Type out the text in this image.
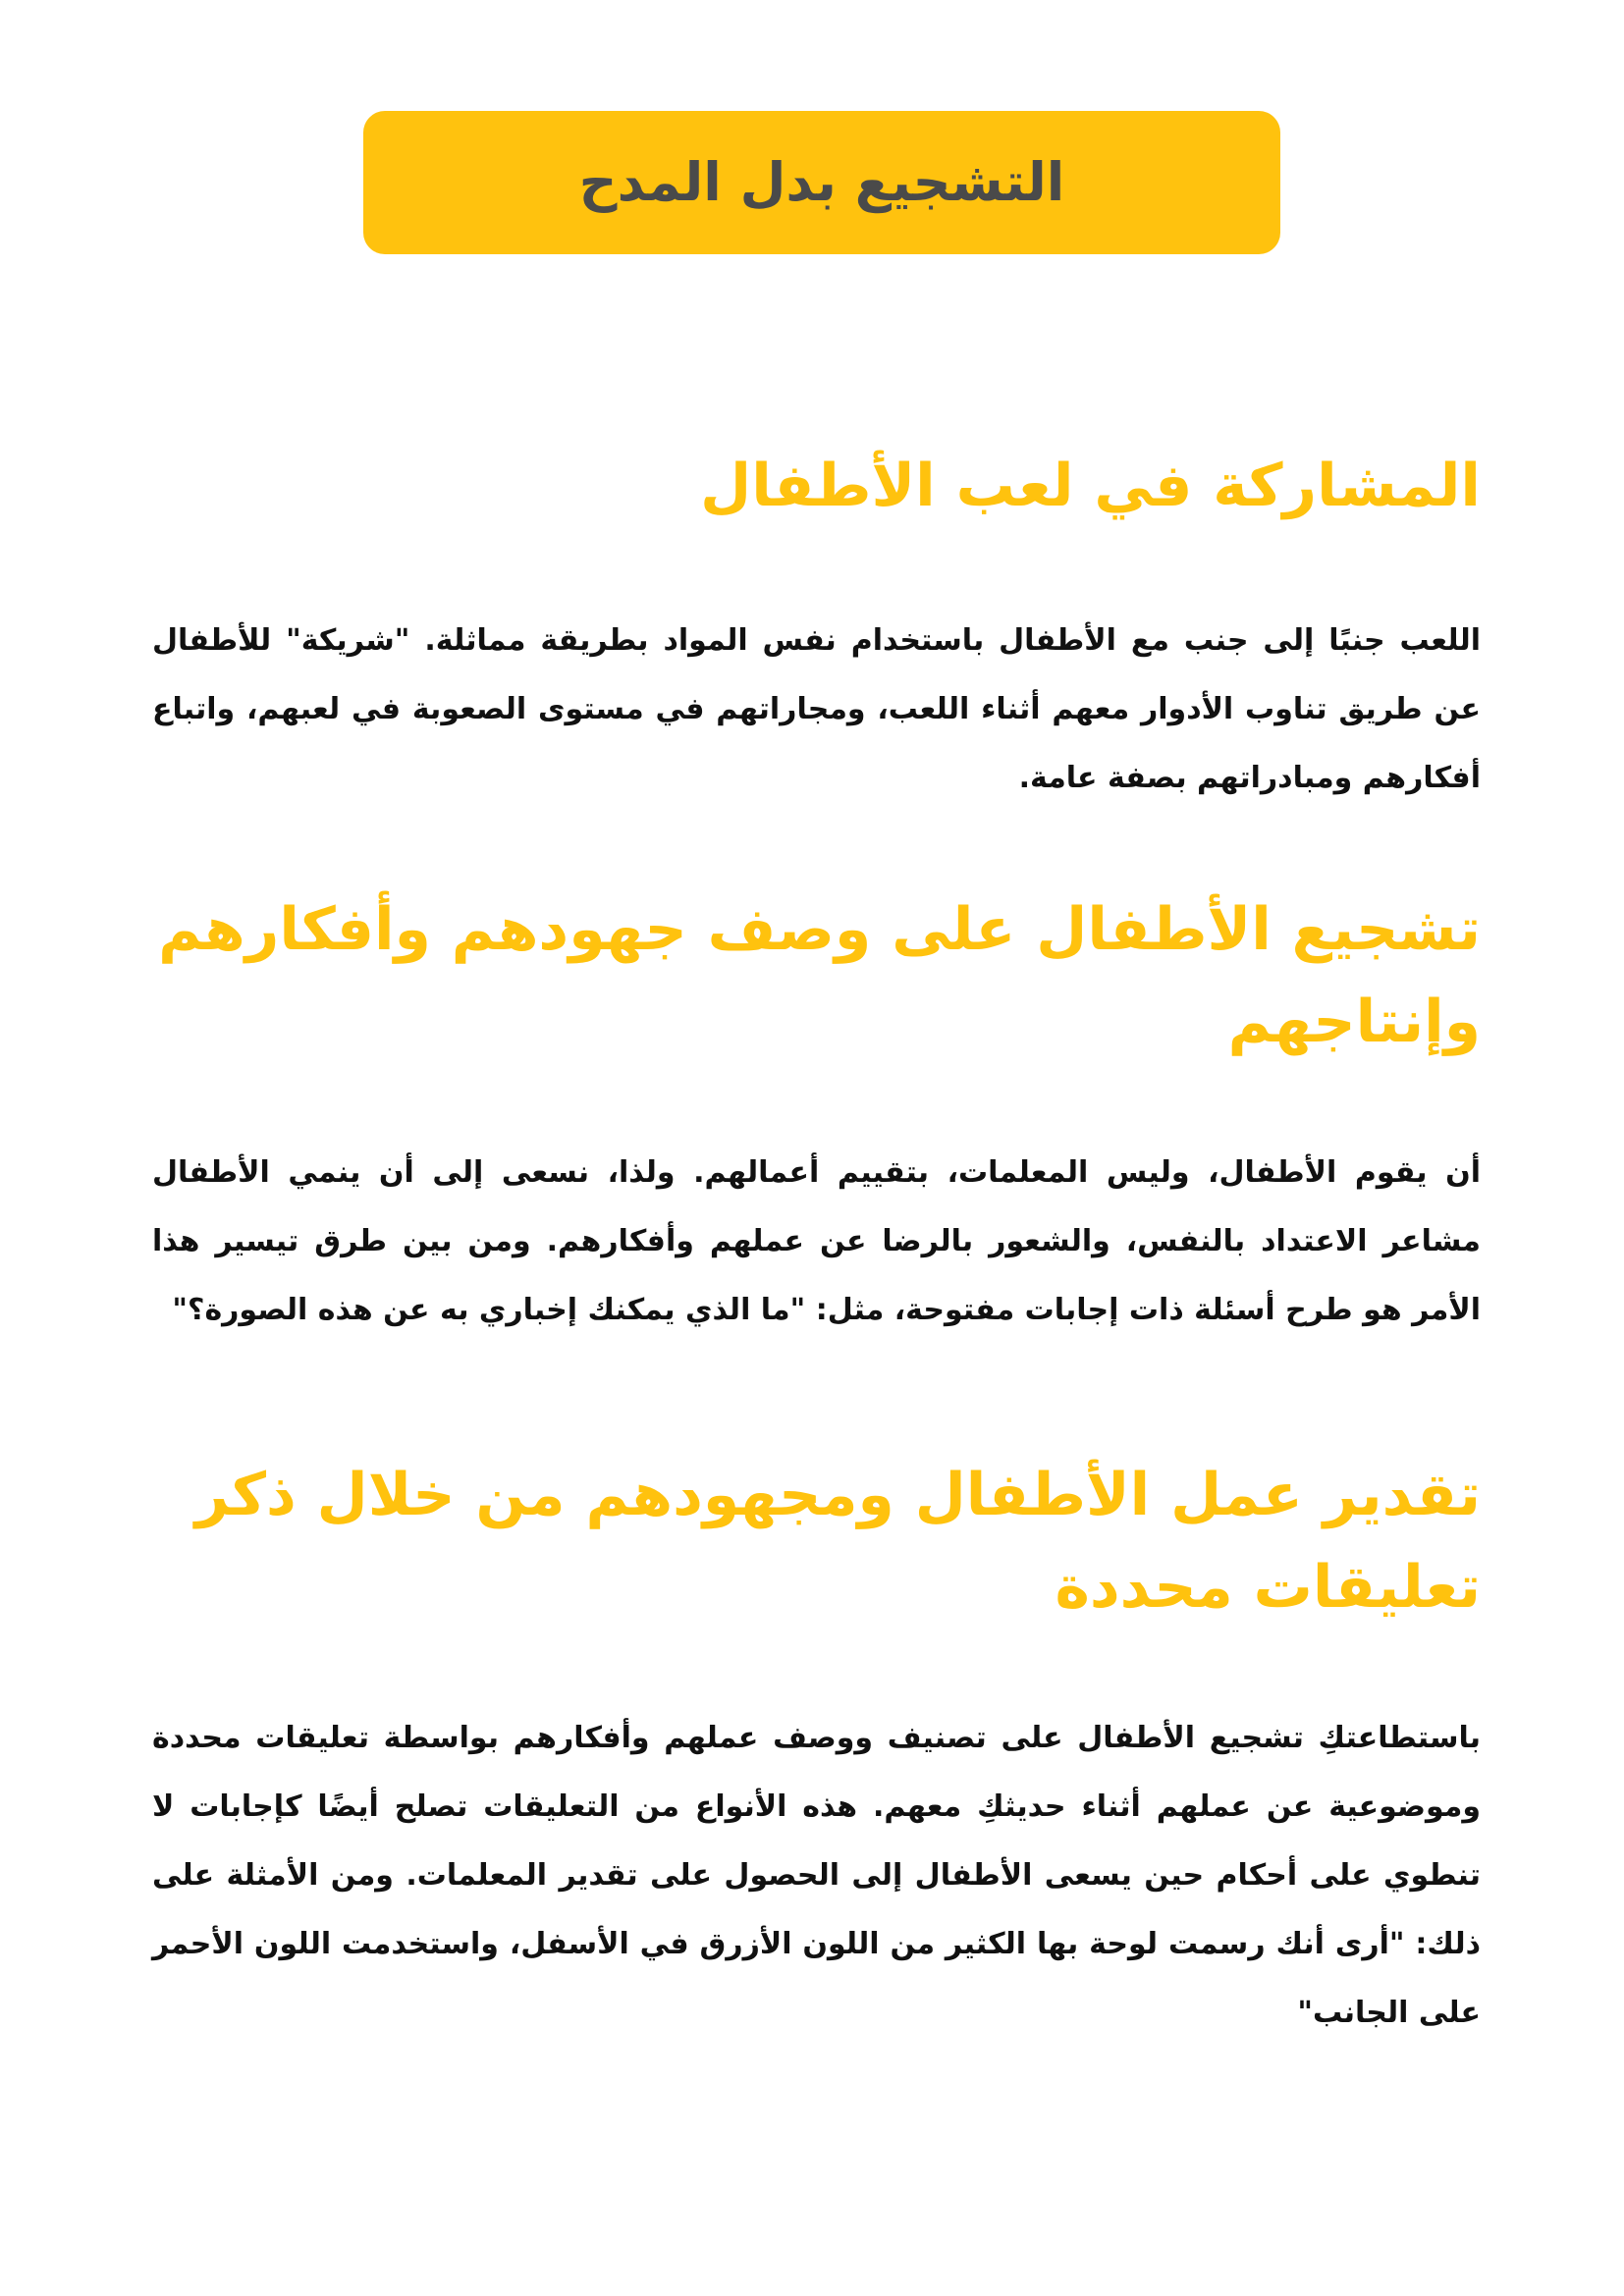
التشجيع بدل المدح
المشاركة في لعب الأطفال

اللعب جنبًا إلى جنب مع الأطفال باستخدام نفس المواد بطريقة مماثلة. "شريكة" للأطفال عن طريق تناوب الأدوار معهم أثناء اللعب، ومجاراتهم في مستوى الصعوبة في لعبهم، واتباع أفكارهم ومبادراتهم بصفة عامة.

تشجيع الأطفال على وصف جهودهم وأفكارهم وإنتاجهم

أن يقوم الأطفال، وليس المعلمات، بتقييم أعمالهم. ولذا، نسعى إلى أن ينمي الأطفال مشاعر الاعتداد بالنفس، والشعور بالرضا عن عملهم وأفكارهم. ومن بين طرق تيسير هذا الأمر هو طرح أسئلة ذات إجابات مفتوحة، مثل: "ما الذي يمكنك إخباري به عن هذه الصورة؟"

تقدير عمل الأطفال ومجهودهم من خلال ذكر تعليقات محددة

باستطاعتكِ تشجيع الأطفال على تصنيف ووصف عملهم وأفكارهم بواسطة تعليقات محددة وموضوعية عن عملهم أثناء حديثكِ معهم. هذه الأنواع من التعليقات تصلح أيضًا كإجابات لا تنطوي على أحكام حين يسعى الأطفال إلى الحصول على تقدير المعلمات. ومن الأمثلة على ذلك: "أرى أنك رسمت لوحة بها الكثير من اللون الأزرق في الأسفل، واستخدمت اللون الأحمر على الجانب"
